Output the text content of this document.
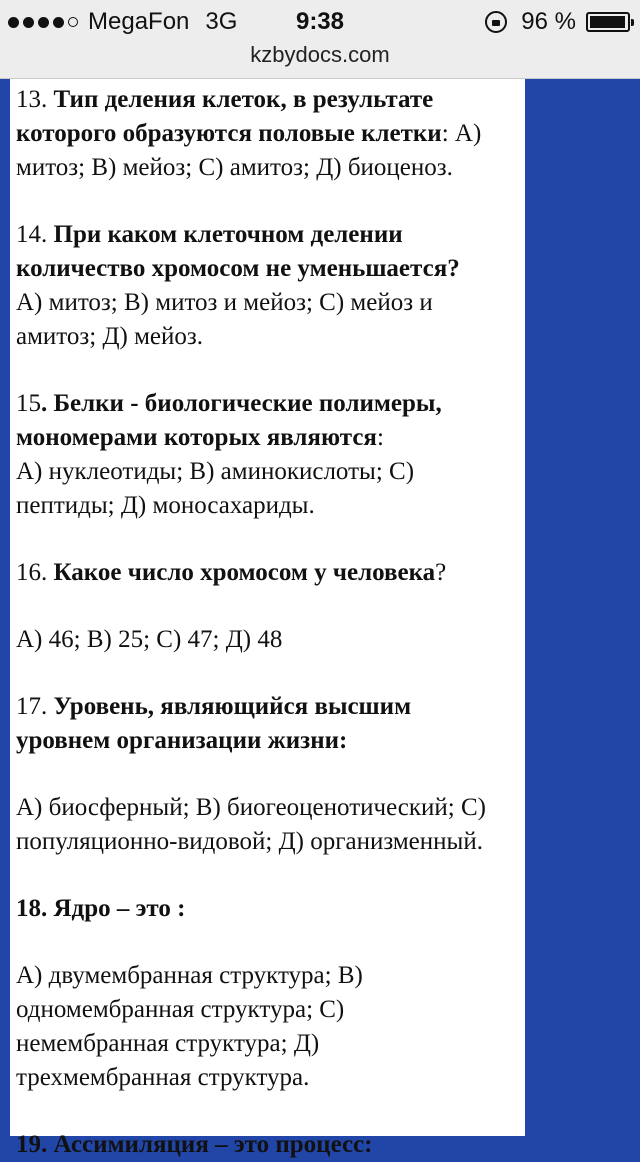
MegaFon 3G	9:38	96 %
kzbydocs.com
13. Тип деления клеток, в результате
которого образуются половые клетки: А)
митоз; В) мейоз; С) амитоз; Д) биоценоз.
14. При каком клеточном делении
количество хромосом не уменьшается?
А) митоз; В) митоз и мейоз; С) мейоз и
амитоз; Д) мейоз.
15. Белки - биологические полимеры,
мономерами которых являются:
А) нуклеотиды; В) аминокислоты; С)
пептиды; Д) моносахариды.
16. Какое число хромосом у человека?
А) 46; В) 25; С) 47; Д) 48
17. Уровень, являющийся высшим
уровнем организации жизни:
А) биосферный; В) биогеоценотический; С)
популяционно-видовой; Д) организменный.
18. Ядро – это :
А) двумембранная структура; В)
одномембранная структура; С)
немембранная структура; Д)
трехмембранная структура.
19. Ассимиляция – это процесс:
